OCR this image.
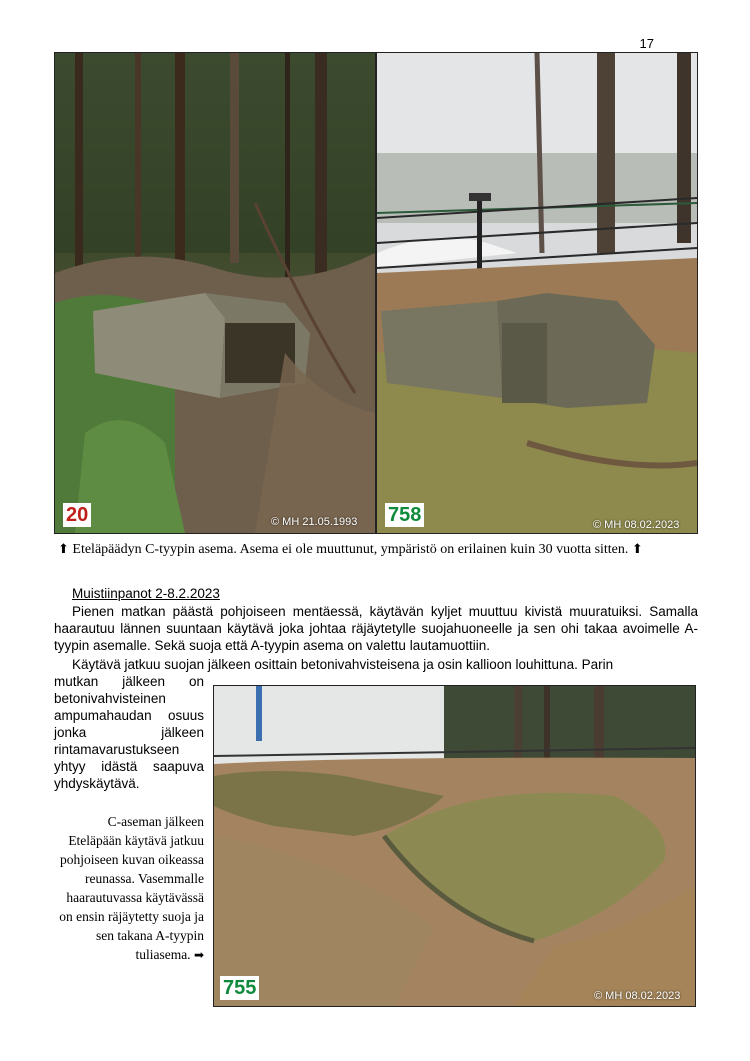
17
20	© MH 21.05.1993 758	© MH 08.02.2023
⬆ Eteläpäädyn C-tyypin asema. Asema ei ole muuttunut, ympäristö on erilainen kuin 30 vuotta sitten. ⬆
Muistiinpanot 2-8.2.2023

Pienen matkan päästä pohjoiseen mentäessä, käytävän kyljet muuttuu kivistä muuratuiksi. Samalla haarautuu lännen suuntaan käytävä joka johtaa räjäytetylle suojahuoneelle ja sen ohi takaa avoimelle A-tyypin asemalle. Sekä suoja että A-tyypin asema on valettu lautamuottiin.

Käytävä jatkuu suojan jälkeen osittain betonivahvisteisena ja osin kallioon louhittuna. Parin

mutkan jälkeen on betonivahvisteinen ampumahaudan osuus jonka jälkeen rintamavarustukseen yhtyy idästä saapuva yhdyskäytävä.

755	© MH 08.02.2023
C-aseman jälkeen Eteläpään käytävä jatkuu pohjoiseen kuvan oikeassa reunassa. Vasemmalle haarautuvassa käytävässä on ensin räjäytetty suoja ja sen takana A-tyypin tuliasema. ➡
